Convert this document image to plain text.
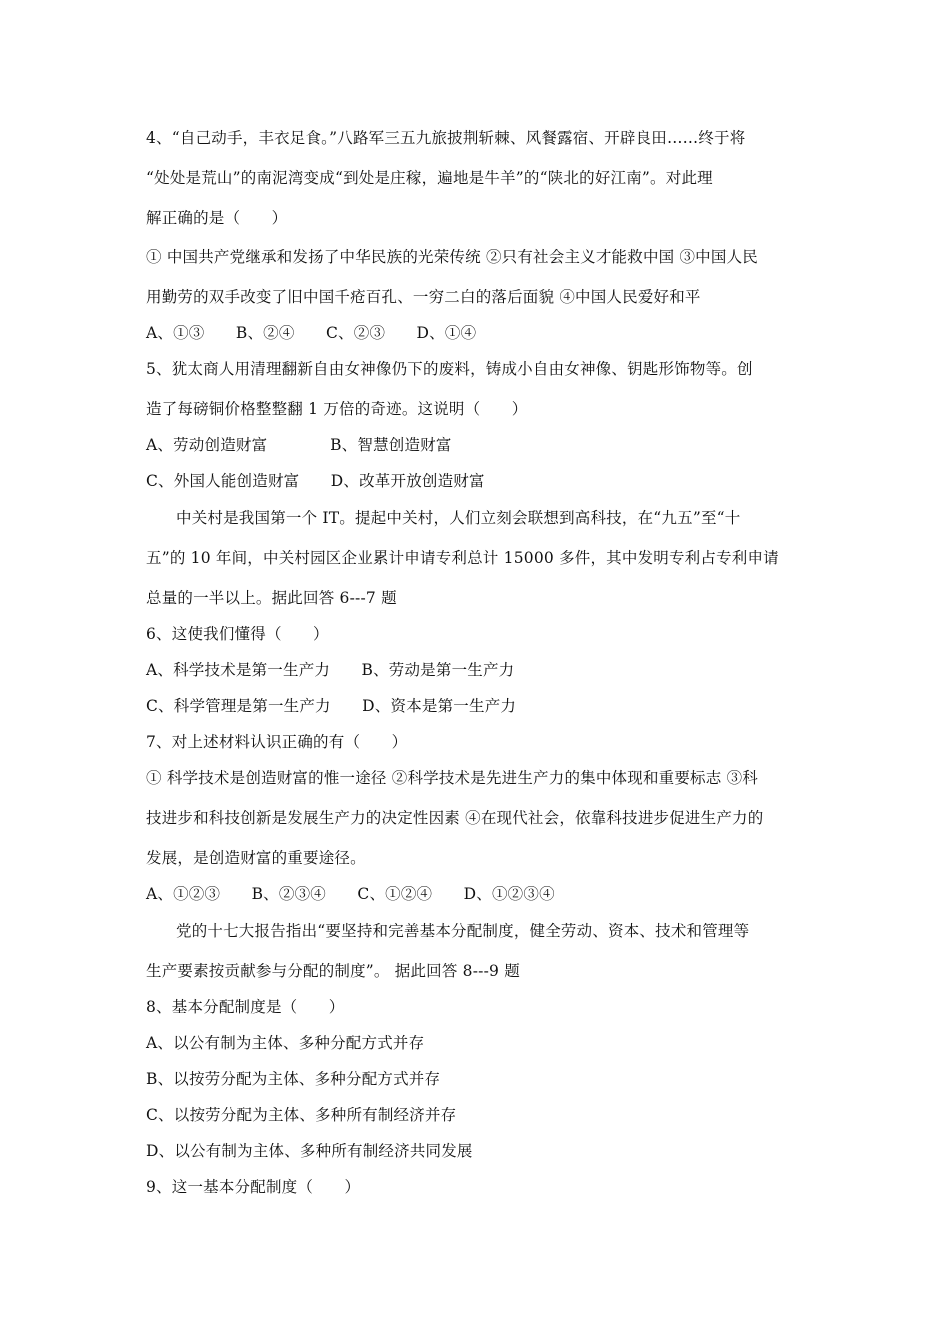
4、“自己动手，丰衣足食。”八路军三五九旅披荆斩棘、风餐露宿、开辟良田……终于将
“处处是荒山”的南泥湾变成“到处是庄稼，遍地是牛羊”的“陕北的好江南”。对此理
解正确的是（　　）
① 中国共产党继承和发扬了中华民族的光荣传统 ②只有社会主义才能救中国 ③中国人民
用勤劳的双手改变了旧中国千疮百孔、一穷二白的落后面貌 ④中国人民爱好和平
A、①③　　B、②④　　C、②③　　D、①④
5、犹太商人用清理翻新自由女神像仍下的废料，铸成小自由女神像、钥匙形饰物等。创
造了每磅铜价格整整翻 1 万倍的奇迹。这说明（　　）
A、劳动创造财富　　　　B、智慧创造财富
C、外国人能创造财富　　D、改革开放创造财富
中关村是我国第一个 IT。提起中关村，人们立刻会联想到高科技，在“九五”至“十
五”的 10 年间，中关村园区企业累计申请专利总计 15000 多件，其中发明专利占专利申请
总量的一半以上。据此回答 6---7 题
6、这使我们懂得（　　）
A、科学技术是第一生产力　　B、劳动是第一生产力
C、科学管理是第一生产力　　D、资本是第一生产力
7、对上述材料认识正确的有（　　）
① 科学技术是创造财富的惟一途径 ②科学技术是先进生产力的集中体现和重要标志 ③科
技进步和科技创新是发展生产力的决定性因素 ④在现代社会，依靠科技进步促进生产力的
发展，是创造财富的重要途径。
A、①②③　　B、②③④　　C、①②④　　D、①②③④
党的十七大报告指出“要坚持和完善基本分配制度，健全劳动、资本、技术和管理等
生产要素按贡献参与分配的制度”。 据此回答 8---9 题
8、基本分配制度是（　　）
A、以公有制为主体、多种分配方式并存
B、以按劳分配为主体、多种分配方式并存
C、以按劳分配为主体、多种所有制经济并存
D、以公有制为主体、多种所有制经济共同发展
9、这一基本分配制度（　　）
